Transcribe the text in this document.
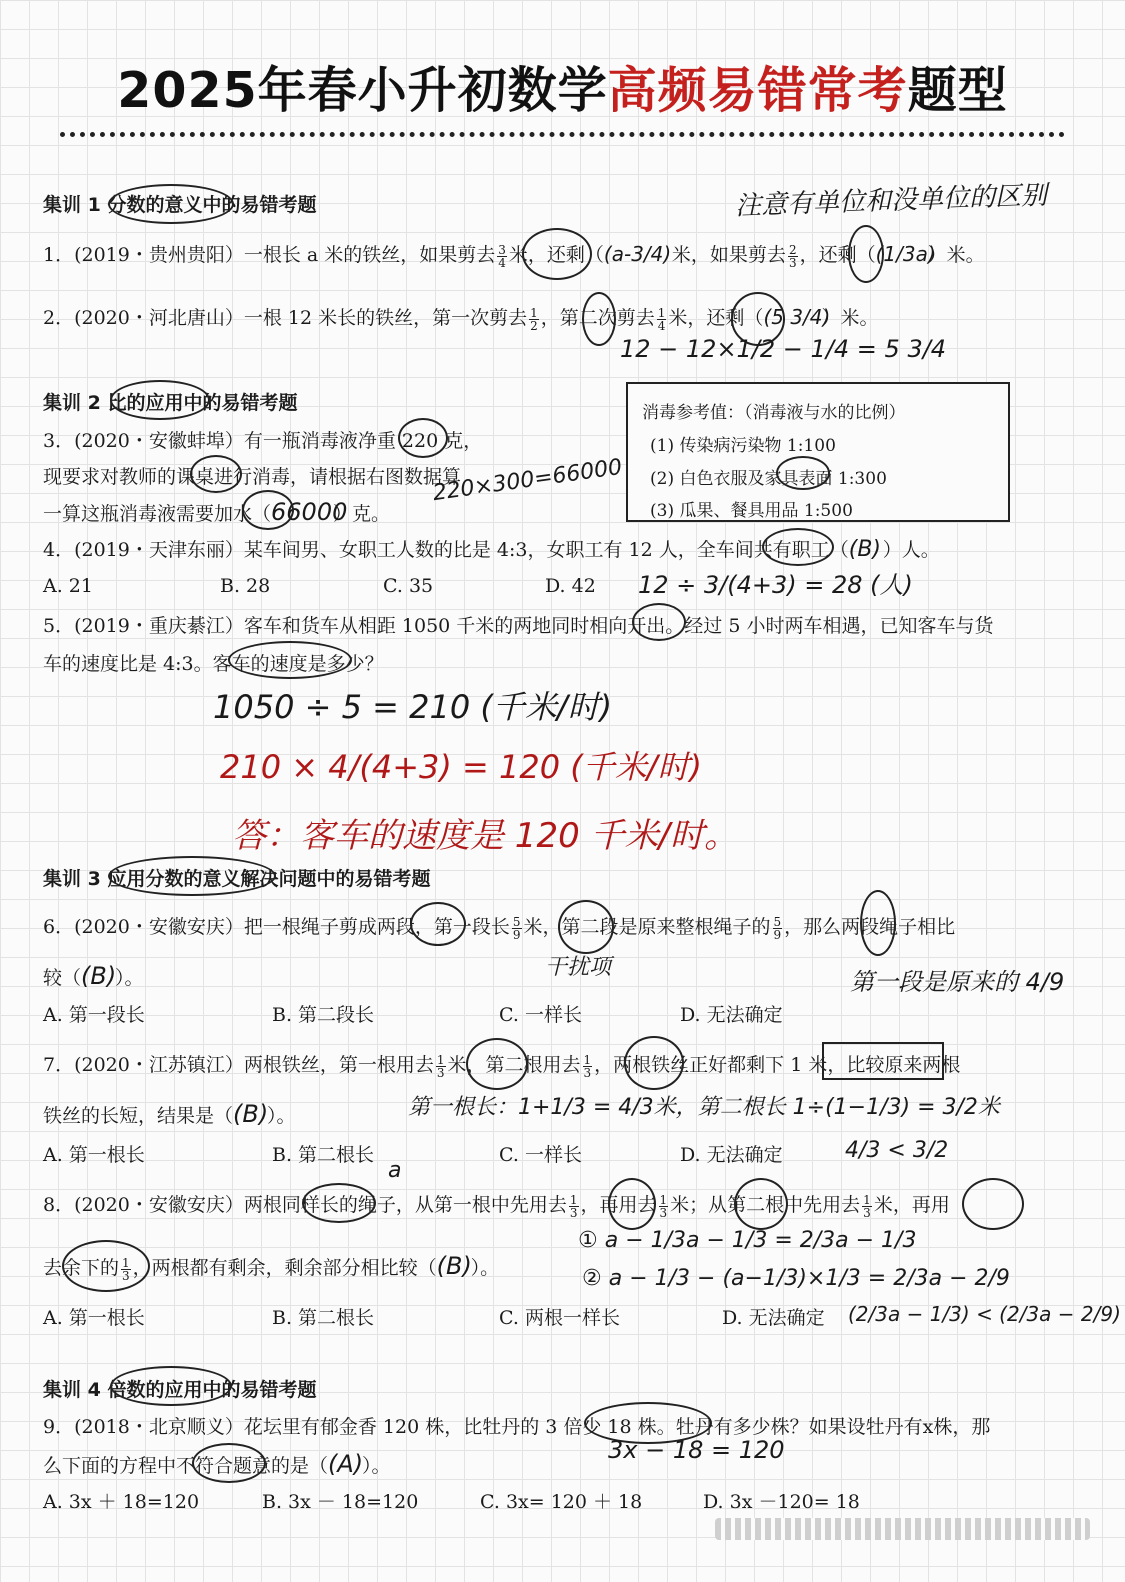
2025年春小升初数学高频易错常考题型
集训 1 分数的意义中的易错考题	注意有单位和没单位的区别
1．(2019・贵州贵阳）一根长 a 米的铁丝，如果剪去 $\frac{3}{4}$ 米，还剩（(a-3/4)米，如果剪去 $\frac{2}{3}$ ，还剩（(1/3a)）米。
2．(2020・河北唐山）一根 12 米长的铁丝，第一次剪去 $\frac{1}{2}$ ，第二次剪去 $\frac{1}{4}$ 米，还剩（(5 3/4)）米。
12 − 12×1/2 − 1/4 = 5 3/4
集训 2 比的应用中的易错考题
3．(2020・安徽蚌埠）有一瓶消毒液净重 220 克，
现要求对教师的课桌进行消毒，请根据右图数据算
一算这瓶消毒液需要加水（66000）克。
220×300=66000
消毒参考值：（消毒液与水的比例）
(1) 传染病污染物 1:100
(2) 白色衣服及家具表面 1:300
(3) 瓜果、餐具用品 1:500
4．(2019・天津东丽）某车间男、女职工人数的比是 4:3，女职工有 12 人，全车间共有职工（(B)）人。
A. 21	B. 28	C. 35	D. 42 12 ÷ 3/(4+3) = 28 (人)
5．(2019・重庆綦江）客车和货车从相距 1050 千米的两地同时相向开出。经过 5 小时两车相遇，已知客车与货
车的速度比是 4:3。客车的速度是多少？
1050 ÷ 5 = 210 (千米/时)
210 × 4/(4+3) = 120 (千米/时)
答：客车的速度是 120 千米/时。
集训 3 应用分数的意义解决问题中的易错考题
6．(2020・安徽安庆）把一根绳子剪成两段，第一段长 $\frac{5}{9}$ 米，第二段是原来整根绳子的 $\frac{5}{9}$ ，那么两段绳子相比
干扰项
较（(B)）。	第一段是原来的 4/9
A. 第一段长	B. 第二段长	C. 一样长	D. 无法确定
7．(2020・江苏镇江）两根铁丝，第一根用去 $\frac{1}{3}$ 米，第二根用去 $\frac{1}{3}$ ，两根铁丝正好都剩下 1 米，比较原来两根
铁丝的长短，结果是（(B)）。	第一根长：1+1/3 = 4/3米，第二根长 1÷(1−1/3) = 3/2米
A. 第一根长	B. 第二根长	C. 一样长	D. 无法确定	4/3 < 3/2
a
8．(2020・安徽安庆）两根同样长的绳子，从第一根中先用去 $\frac{1}{3}$ ，再用去 $\frac{1}{3}$ 米；从第二根中先用去 $\frac{1}{3}$ 米，再用
去余下的 $\frac{1}{3}$ ，两根都有剩余，剩余部分相比较（(B)）。
① a − 1/3a − 1/3 = 2/3a − 1/3
② a − 1/3 − (a−1/3)×1/3 = 2/3a − 2/9
A. 第一根长	B. 第二根长	C. 两根一样长	D. 无法确定 (2/3a − 1/3) < (2/3a − 2/9)
集训 4 倍数的应用中的易错考题
9．(2018・北京顺义）花坛里有郁金香 120 株，比牡丹的 3 倍少 18 株。牡丹有多少株？如果设牡丹有x株，那
3x − 18 = 120
么下面的方程中不符合题意的是（(A)）。
A. 3x ＋ 18=120	B. 3x － 18=120	C. 3x= 120 ＋ 18	D. 3x －120= 18
